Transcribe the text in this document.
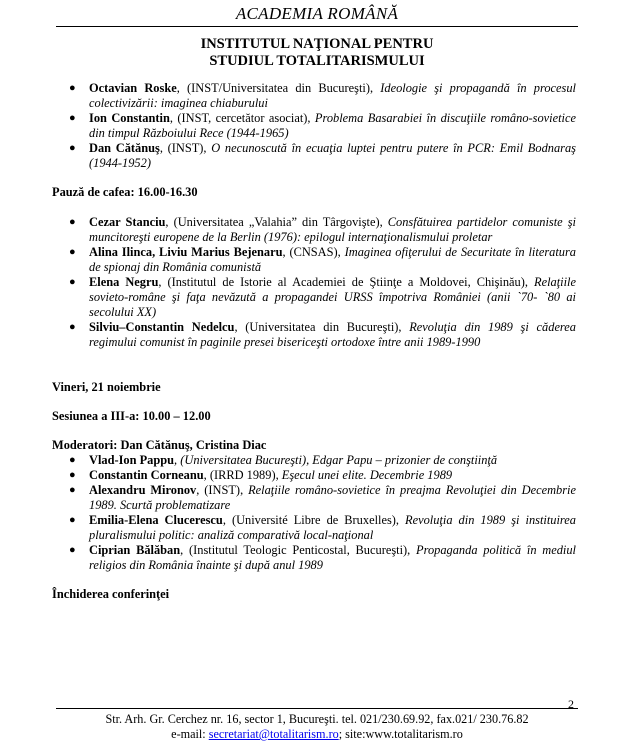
ACADEMIA ROMÂNĂ
INSTITUTUL NAŢIONAL PENTRU
STUDIUL TOTALITARISMULUI
● Octavian Roske, (INST/Universitatea din Bucureşti), Ideologie şi propagandă în procesul colectivizării: imaginea chiaburului
● Ion Constantin, (INST, cercetător asociat), Problema Basarabiei în discuţiile româno-sovietice din timpul Războiului Rece (1944-1965)
● Dan Cătănuş, (INST), O necunoscută în ecuaţia luptei pentru putere în PCR: Emil Bodnaraş (1944-1952)
Pauză de cafea: 16.00-16.30
● Cezar Stanciu, (Universitatea „Valahia” din Târgovişte), Consfătuirea partidelor comuniste şi muncitoreşti europene de la Berlin (1976): epilogul internaţionalismului proletar
● Alina Ilinca, Liviu Marius Bejenaru, (CNSAS), Imaginea ofiţerului de Securitate în literatura de spionaj din România comunistă
● Elena Negru, (Institutul de Istorie al Academiei de Ştiinţe a Moldovei, Chişinău), Relaţiile sovieto-române şi faţa nevăzută a propagandei URSS împotriva României (anii `70- `80 ai secolului XX)
● Silviu–Constantin Nedelcu, (Universitatea din Bucureşti), Revoluţia din 1989 şi căderea regimului comunist în paginile presei bisericeşti ortodoxe între anii 1989-1990
Vineri, 21 noiembrie
Sesiunea a III-a: 10.00 – 12.00
Moderatori: Dan Cătănuş, Cristina Diac
● Vlad-Ion Pappu, (Universitatea Bucureşti), Edgar Papu – prizonier de conştiinţă
● Constantin Corneanu, (IRRD 1989), Eşecul unei elite. Decembrie 1989
● Alexandru Mironov, (INST), Relaţiile româno-sovietice în preajma Revoluţiei din Decembrie 1989. Scurtă problematizare
● Emilia-Elena Clucerescu, (Université Libre de Bruxelles), Revoluţia din 1989 şi instituirea pluralismului politic: analiză comparativă local-naţional
● Ciprian Bălăban, (Institutul Teologic Penticostal, Bucureşti), Propaganda politică în mediul religios din România înainte şi după anul 1989
Închiderea conferinţei
2
Str. Arh. Gr. Cerchez nr. 16, sector 1, Bucureşti. tel. 021/230.69.92, fax.021/ 230.76.82
e-mail: secretariat@totalitarism.ro; site:www.totalitarism.ro
